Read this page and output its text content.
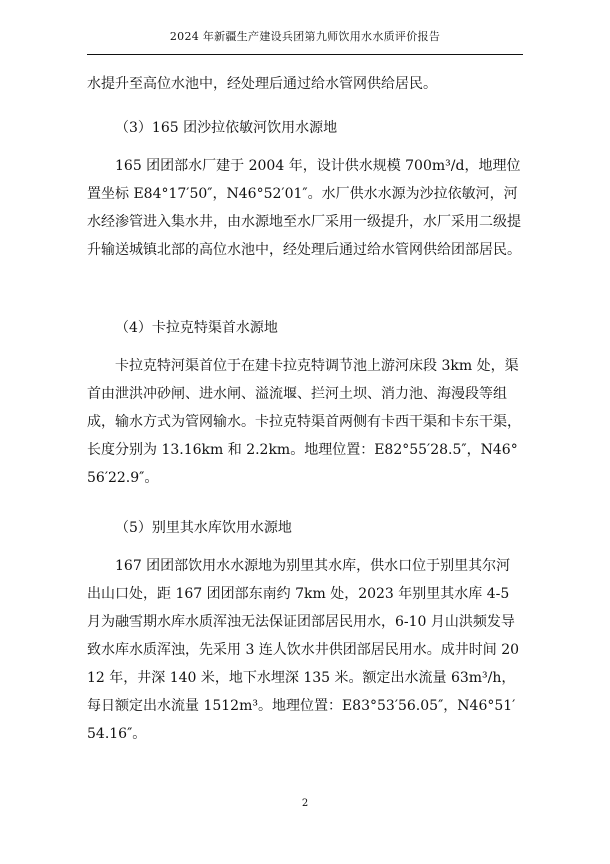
2024 年新疆生产建设兵团第九师饮用水水质评价报告

水提升至高位水池中，经处理后通过给水管网供给居民。

（3）165 团沙拉依敏河饮用水源地

165 团团部水厂建于 2004 年，设计供水规模 700m³/d，地理位置坐标 E84°17′50″，N46°52′01″。水厂供水水源为沙拉依敏河，河水经渗管进入集水井，由水源地至水厂采用一级提升，水厂采用二级提升输送城镇北部的高位水池中，经处理后通过给水管网供给团部居民。

（4）卡拉克特渠首水源地

卡拉克特河渠首位于在建卡拉克特调节池上游河床段 3km 处，渠首由泄洪冲砂闸、进水闸、溢流堰、拦河土坝、消力池、海漫段等组成，输水方式为管网输水。卡拉克特渠首两侧有卡西干渠和卡东干渠，长度分别为 13.16km 和 2.2km。地理位置：E82°55′28.5″，N46°56′22.9″。

（5）别里其水库饮用水源地

167 团团部饮用水水源地为别里其水库，供水口位于别里其尔河出山口处，距 167 团团部东南约 7km 处，2023 年别里其水库 4-5 月为融雪期水库水质浑浊无法保证团部居民用水，6-10 月山洪频发导致水库水质浑浊，先采用 3 连人饮水井供团部居民用水。成井时间 2012 年，井深 140 米，地下水埋深 135 米。额定出水流量 63m³/h，每日额定出水流量 1512m³。地理位置：E83°53′56.05″，N46°51′54.16″。

2
